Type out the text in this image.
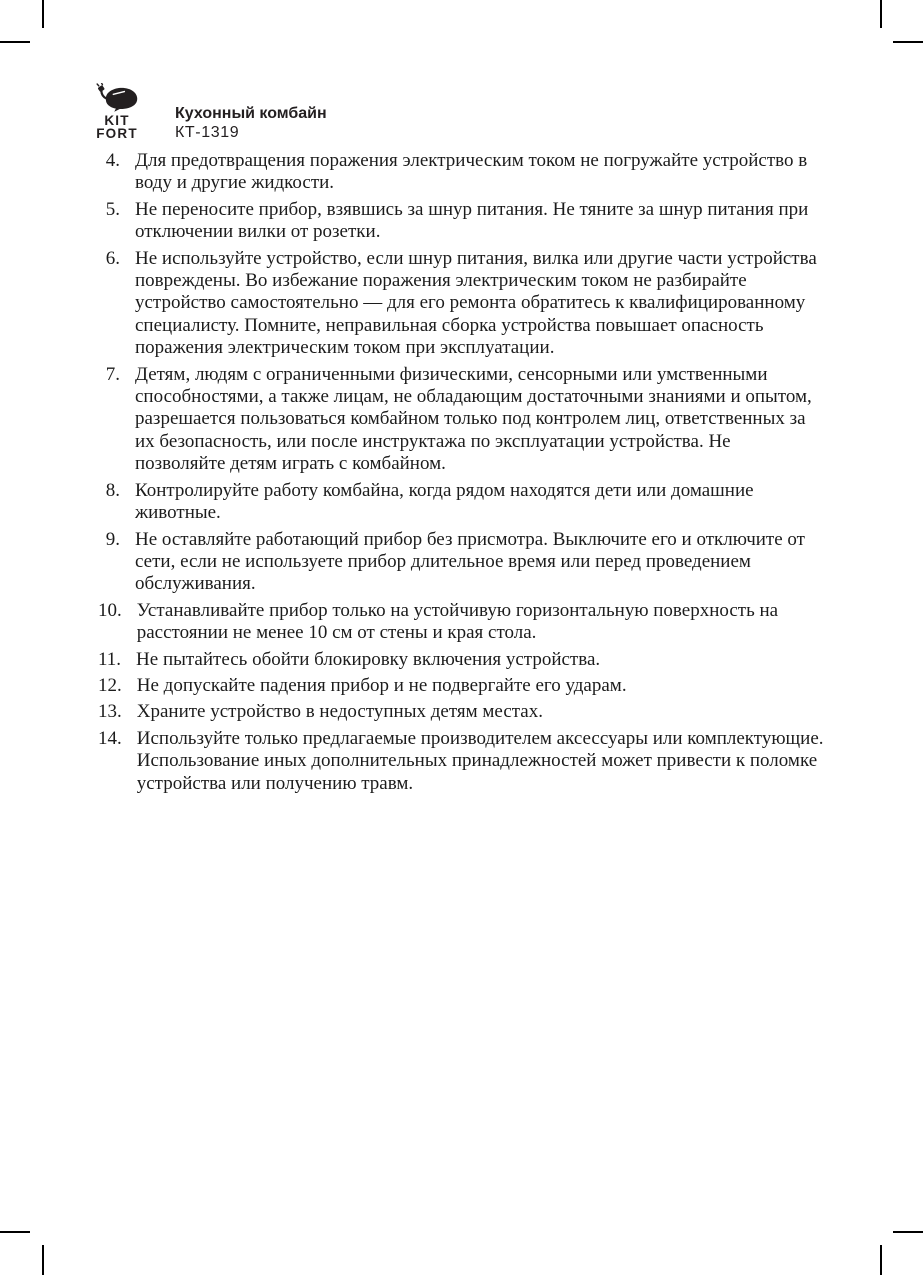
KIT
FORT
Кухонный комбайн
КТ-1319
4. Для предотвращения поражения электрическим током не погружайте устройство в воду и другие жидкости.
5. Не переносите прибор, взявшись за шнур питания. Не тяните за шнур питания при отключении вилки от розетки.
6. Не используйте устройство, если шнур питания, вилка или другие части устройства повреждены. Во избежание поражения электрическим током не разбирайте устройство самостоятельно — для его ремонта обратитесь к квалифицированному специалисту. Помните, неправильная сборка устройства повышает опасность поражения электрическим током при эксплуатации.
7. Детям, людям с ограниченными физическими, сенсорными или умственными способностями, а также лицам, не обладающим достаточными знаниями и опытом, разрешается пользоваться комбайном только под контролем лиц, ответственных за их безопасность, или после инструктажа по эксплуатации устройства. Не позволяйте детям играть с комбайном.
8. Контролируйте работу комбайна, когда рядом находятся дети или домашние животные.
9. Не оставляйте работающий прибор без присмотра. Выключите его и отключите от сети, если не используете прибор длительное время или перед проведением обслуживания.
10. Устанавливайте прибор только на устойчивую горизонтальную поверхность на расстоянии не менее 10 см от стены и края стола.
11. Не пытайтесь обойти блокировку включения устройства.
12. Не допускайте падения прибор и не подвергайте его ударам.
13. Храните устройство в недоступных детям местах.
14. Используйте только предлагаемые производителем аксессуары или комплектующие. Использование иных дополнительных принадлежностей может привести к поломке устройства или получению травм.
